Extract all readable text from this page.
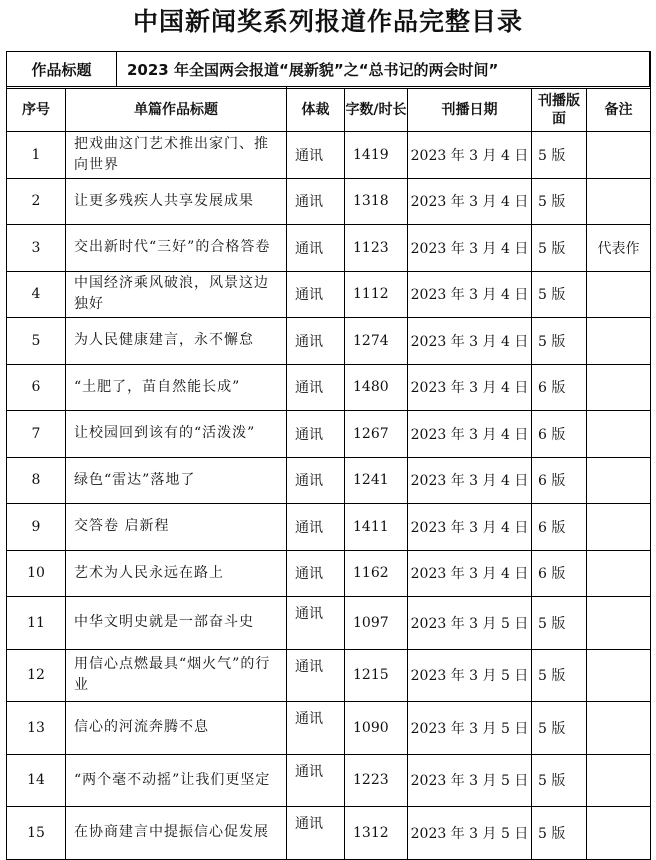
中国新闻奖系列报道作品完整目录

序号	单篇作品标题	体裁	字数/时长	刊播日期	刊播版面	备注
1	把戏曲这门艺术推出家门、推向世界	通讯	1419	2023 年 3 月 4 日	5 版	
2	让更多残疾人共享发展成果	通讯	1318	2023 年 3 月 4 日	5 版	
3	交出新时代“三好”的合格答卷	通讯	1123	2023 年 3 月 4 日	5 版	代表作
4	中国经济乘风破浪，风景这边独好	通讯	1112	2023 年 3 月 4 日	5 版	
5	为人民健康建言，永不懈怠	通讯	1274	2023 年 3 月 4 日	5 版	
6	“土肥了，苗自然能长成”	通讯	1480	2023 年 3 月 4 日	6 版	
7	让校园回到该有的“活泼泼”	通讯	1267	2023 年 3 月 4 日	6 版	
8	绿色“雷达”落地了	通讯	1241	2023 年 3 月 4 日	6 版	
9	交答卷 启新程	通讯	1411	2023 年 3 月 4 日	6 版	
10	艺术为人民永远在路上	通讯	1162	2023 年 3 月 4 日	6 版	
11	中华文明史就是一部奋斗史	通讯	1097	2023 年 3 月 5 日	5 版	
12	用信心点燃最具“烟火气”的行业	通讯	1215	2023 年 3 月 5 日	5 版	
13	信心的河流奔腾不息	通讯	1090	2023 年 3 月 5 日	5 版	
14	“两个毫不动摇”让我们更坚定	通讯	1223	2023 年 3 月 5 日	5 版	
15	在协商建言中提振信心促发展	通讯	1312	2023 年 3 月 5 日	5 版	
作品标题	2023 年全国两会报道“展新貌”之“总书记的两会时间”
